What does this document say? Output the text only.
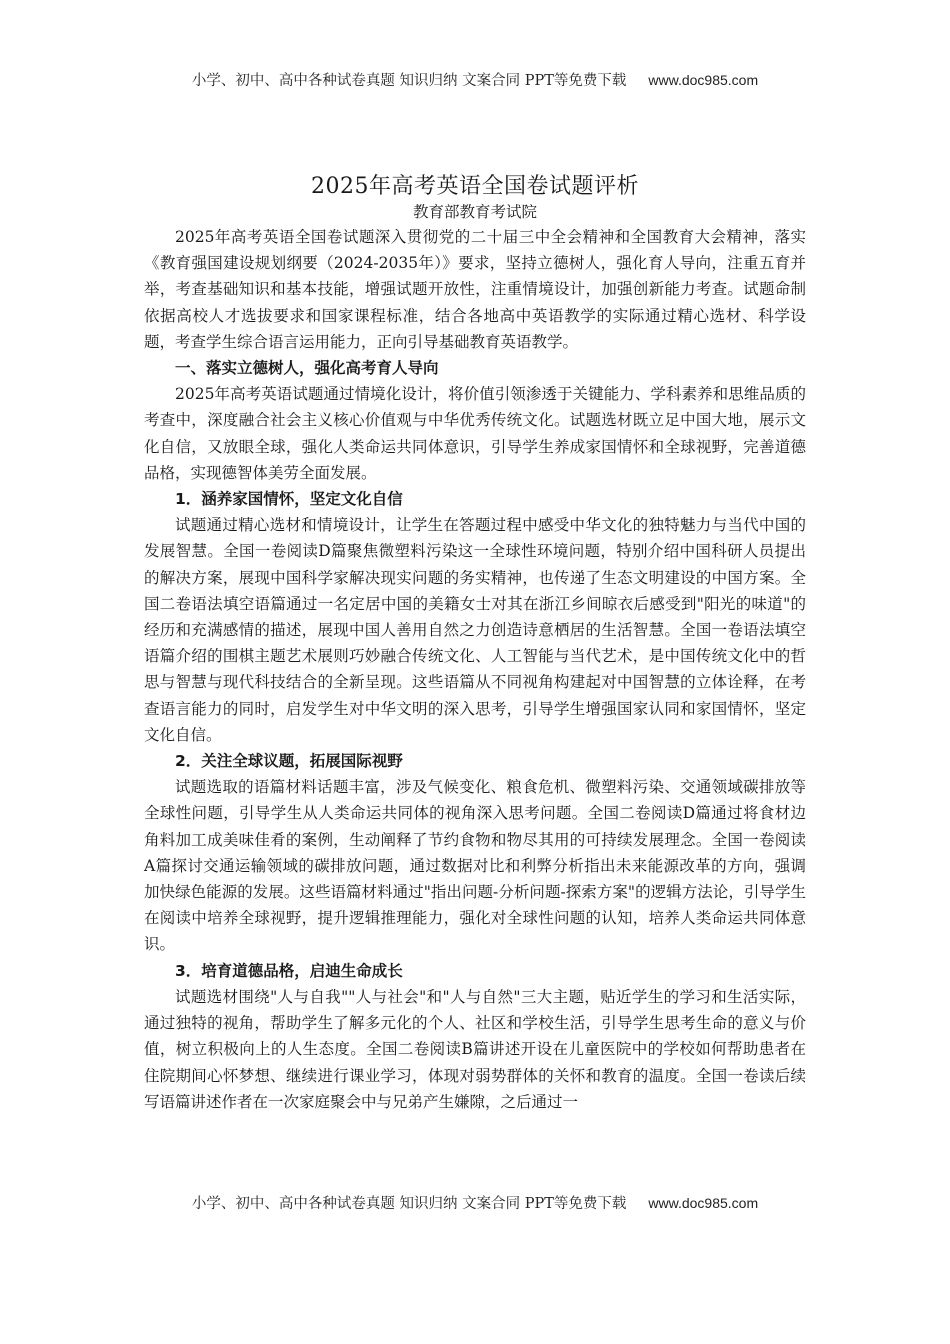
小学、初中、高中各种试卷真题 知识归纳 文案合同 PPT等免费下载 www.doc985.com
2025年高考英语全国卷试题评析
教育部教育考试院

2025年高考英语全国卷试题深入贯彻党的二十届三中全会精神和全国教育大会精神，落实《教育强国建设规划纲要（2024-2035年）》要求，坚持立德树人，强化育人导向，注重五育并举，考查基础知识和基本技能，增强试题开放性，注重情境设计，加强创新能力考查。试题命制依据高校人才选拔要求和国家课程标准，结合各地高中英语教学的实际通过精心选材、科学设题，考查学生综合语言运用能力，正向引导基础教育英语教学。

一、落实立德树人，强化高考育人导向

2025年高考英语试题通过情境化设计，将价值引领渗透于关键能力、学科素养和思维品质的考查中，深度融合社会主义核心价值观与中华优秀传统文化。试题选材既立足中国大地，展示文化自信，又放眼全球，强化人类命运共同体意识，引导学生养成家国情怀和全球视野，完善道德品格，实现德智体美劳全面发展。

1．涵养家国情怀，坚定文化自信

试题通过精心选材和情境设计，让学生在答题过程中感受中华文化的独特魅力与当代中国的发展智慧。全国一卷阅读D篇聚焦微塑料污染这一全球性环境问题，特别介绍中国科研人员提出的解决方案，展现中国科学家解决现实问题的务实精神，也传递了生态文明建设的中国方案。全国二卷语法填空语篇通过一名定居中国的美籍女士对其在浙江乡间晾衣后感受到"阳光的味道"的经历和充满感情的描述，展现中国人善用自然之力创造诗意栖居的生活智慧。全国一卷语法填空语篇介绍的围棋主题艺术展则巧妙融合传统文化、人工智能与当代艺术，是中国传统文化中的哲思与智慧与现代科技结合的全新呈现。这些语篇从不同视角构建起对中国智慧的立体诠释，在考查语言能力的同时，启发学生对中华文明的深入思考，引导学生增强国家认同和家国情怀，坚定文化自信。

2．关注全球议题，拓展国际视野

试题选取的语篇材料话题丰富，涉及气候变化、粮食危机、微塑料污染、交通领域碳排放等全球性问题，引导学生从人类命运共同体的视角深入思考问题。全国二卷阅读D篇通过将食材边角料加工成美味佳肴的案例，生动阐释了节约食物和物尽其用的可持续发展理念。全国一卷阅读A篇探讨交通运输领域的碳排放问题，通过数据对比和利弊分析指出未来能源改革的方向，强调加快绿色能源的发展。这些语篇材料通过"指出问题-分析问题-探索方案"的逻辑方法论，引导学生在阅读中培养全球视野，提升逻辑推理能力，强化对全球性问题的认知，培养人类命运共同体意识。

3．培育道德品格，启迪生命成长

试题选材围绕"人与自我""人与社会"和"人与自然"三大主题，贴近学生的学习和生活实际，通过独特的视角，帮助学生了解多元化的个人、社区和学校生活，引导学生思考生命的意义与价值，树立积极向上的人生态度。全国二卷阅读B篇讲述开设在儿童医院中的学校如何帮助患者在住院期间心怀梦想、继续进行课业学习，体现对弱势群体的关怀和教育的温度。全国一卷读后续写语篇讲述作者在一次家庭聚会中与兄弟产生嫌隙，之后通过一

小学、初中、高中各种试卷真题 知识归纳 文案合同 PPT等免费下载 www.doc985.com
